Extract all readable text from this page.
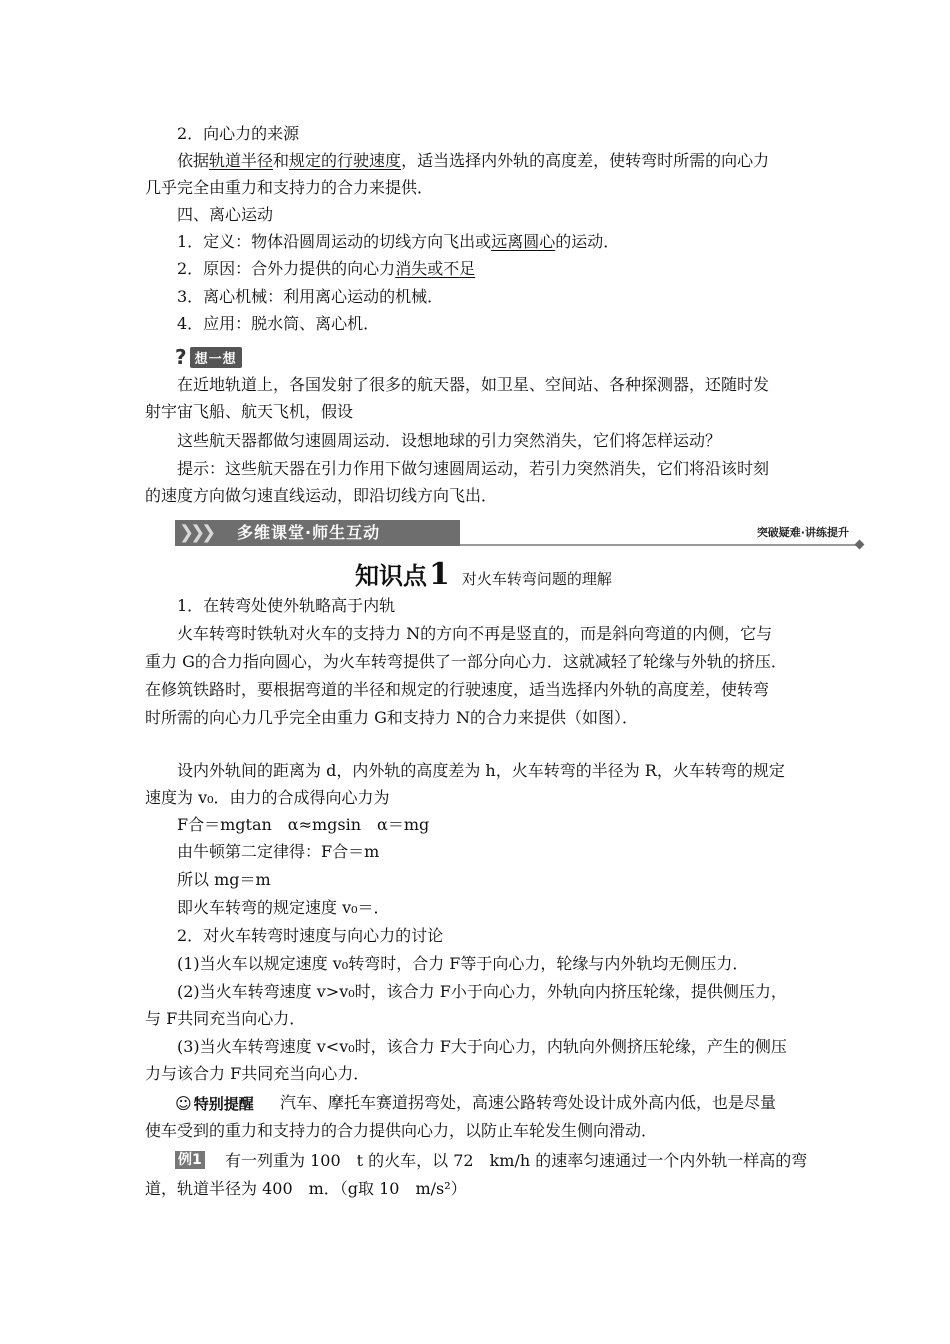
2．向心力的来源
依据轨道半径和规定的行驶速度，适当选择内外轨的高度差，使转弯时所需的向心力
几乎完全由重力和支持力的合力来提供．
四、离心运动
1．定义：物体沿圆周运动的切线方向飞出或远离圆心的运动．
2．原因：合外力提供的向心力消失或不足
3．离心机械：利用离心运动的机械．
4．应用：脱水筒、离心机．
? 想一想
在近地轨道上，各国发射了很多的航天器，如卫星、空间站、各种探测器，还随时发
射宇宙飞船、航天飞机，假设
这些航天器都做匀速圆周运动．设想地球的引力突然消失，它们将怎样运动？
提示：这些航天器在引力作用下做匀速圆周运动，若引力突然消失，它们将沿该时刻
的速度方向做匀速直线运动，即沿切线方向飞出．
❯❯❯ 多维课堂·师生互动	突破疑难·讲练提升
知识点 1 对火车转弯问题的理解
1．在转弯处使外轨略高于内轨
火车转弯时铁轨对火车的支持力 N的方向不再是竖直的，而是斜向弯道的内侧，它与
重力 G的合力指向圆心，为火车转弯提供了一部分向心力．这就减轻了轮缘与外轨的挤压．
在修筑铁路时，要根据弯道的半径和规定的行驶速度，适当选择内外轨的高度差，使转弯
时所需的向心力几乎完全由重力 G和支持力 N的合力来提供（如图）．
设内外轨间的距离为 d，内外轨的高度差为 h，火车转弯的半径为 R，火车转弯的规定
速度为 v₀．由力的合成得向心力为
F合＝mgtan　α≈mgsin　α＝mg
由牛顿第二定律得：F合＝m
所以 mg＝m
即火车转弯的规定速度 v₀＝．
2．对火车转弯时速度与向心力的讨论
(1)当火车以规定速度 v₀转弯时，合力 F等于向心力，轮缘与内外轨均无侧压力．
(2)当火车转弯速度 v>v₀时，该合力 F小于向心力，外轨向内挤压轮缘，提供侧压力，
与 F共同充当向心力．
(3)当火车转弯速度 v<v₀时，该合力 F大于向心力，内轨向外侧挤压轮缘，产生的侧压
力与该合力 F共同充当向心力．
☺ 特别提醒 汽车、摩托车赛道拐弯处，高速公路转弯处设计成外高内低，也是尽量
使车受到的重力和支持力的合力提供向心力，以防止车轮发生侧向滑动．
例1 有一列重为 100　t 的火车，以 72　km/h 的速率匀速通过一个内外轨一样高的弯
道，轨道半径为 400　m．（g取 10　m/s²）
